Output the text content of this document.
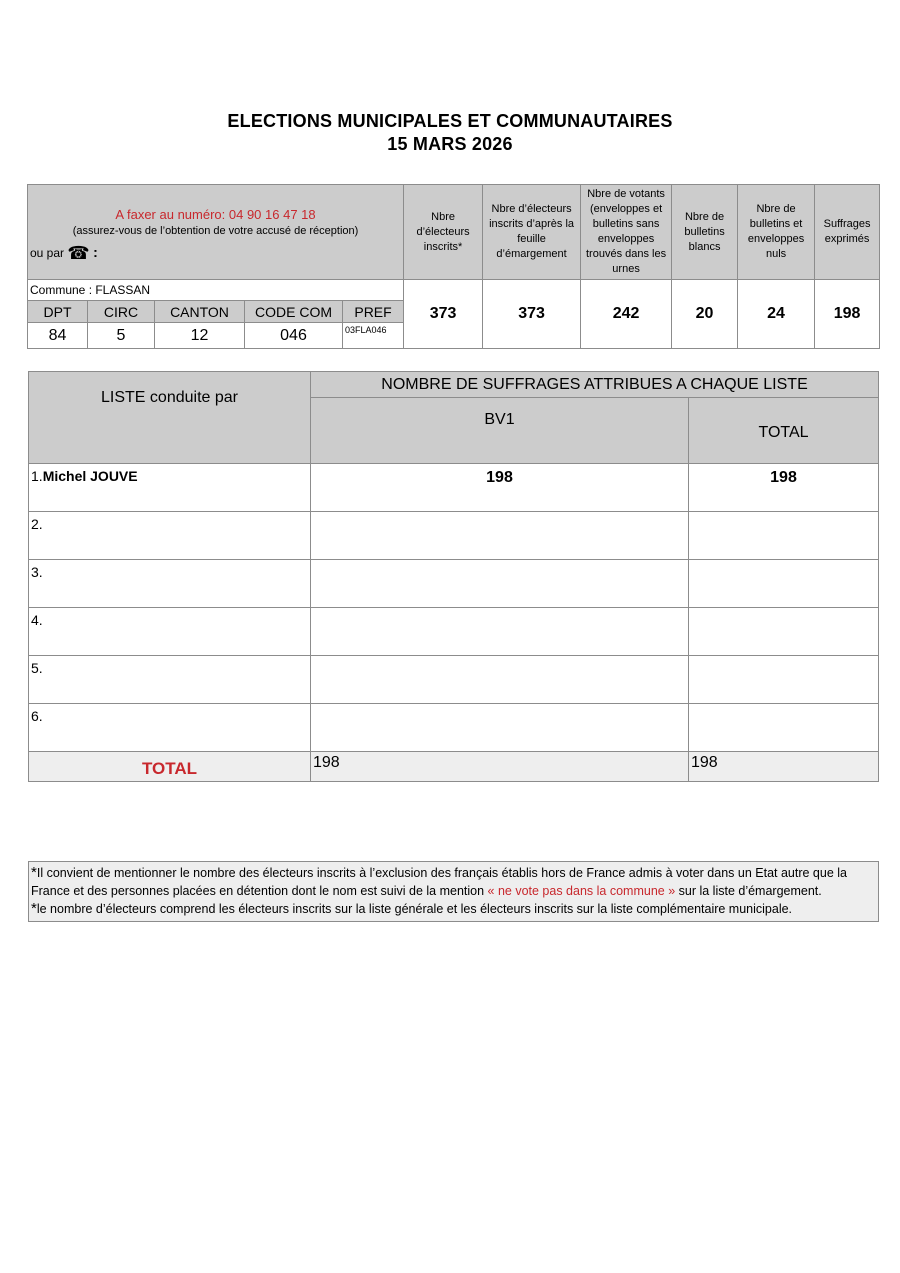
ELECTIONS MUNICIPALES ET COMMUNAUTAIRES
15 MARS 2026
A faxer au numéro: 04 90 16 47 18
(assurez-vous de l’obtention de votre accusé de réception)
ou par ☎ :					Nbre d’électeurs inscrits*	Nbre d’électeurs inscrits d’après la feuille d’émargement	Nbre de votants (enveloppes et bulletins sans enveloppes trouvés dans les urnes	Nbre de bulletins blancs	Nbre de bulletins et enveloppes nuls	Suffrages exprimés
Commune : FLASSAN					373	373	242	20	24	198
DPT	CIRC	CANTON	CODE COM	PREF						
84	5	12	046	03FLA046						
LISTE conduite par	NOMBRE DE SUFFRAGES ATTRIBUES A CHAQUE LISTE	
	BV1	TOTAL
1.Michel JOUVE	198	198
2.		
3.		
4.		
5.		
6.		
TOTAL	198	198
*Il convient de mentionner le nombre des électeurs inscrits à l’exclusion des français établis hors de France admis à voter dans un Etat autre que la France et des personnes placées en détention dont le nom est suivi de la mention « ne vote pas dans la commune » sur la liste d’émargement.
*le nombre d’électeurs comprend les électeurs inscrits sur la liste générale et les électeurs inscrits sur la liste complémentaire municipale.
